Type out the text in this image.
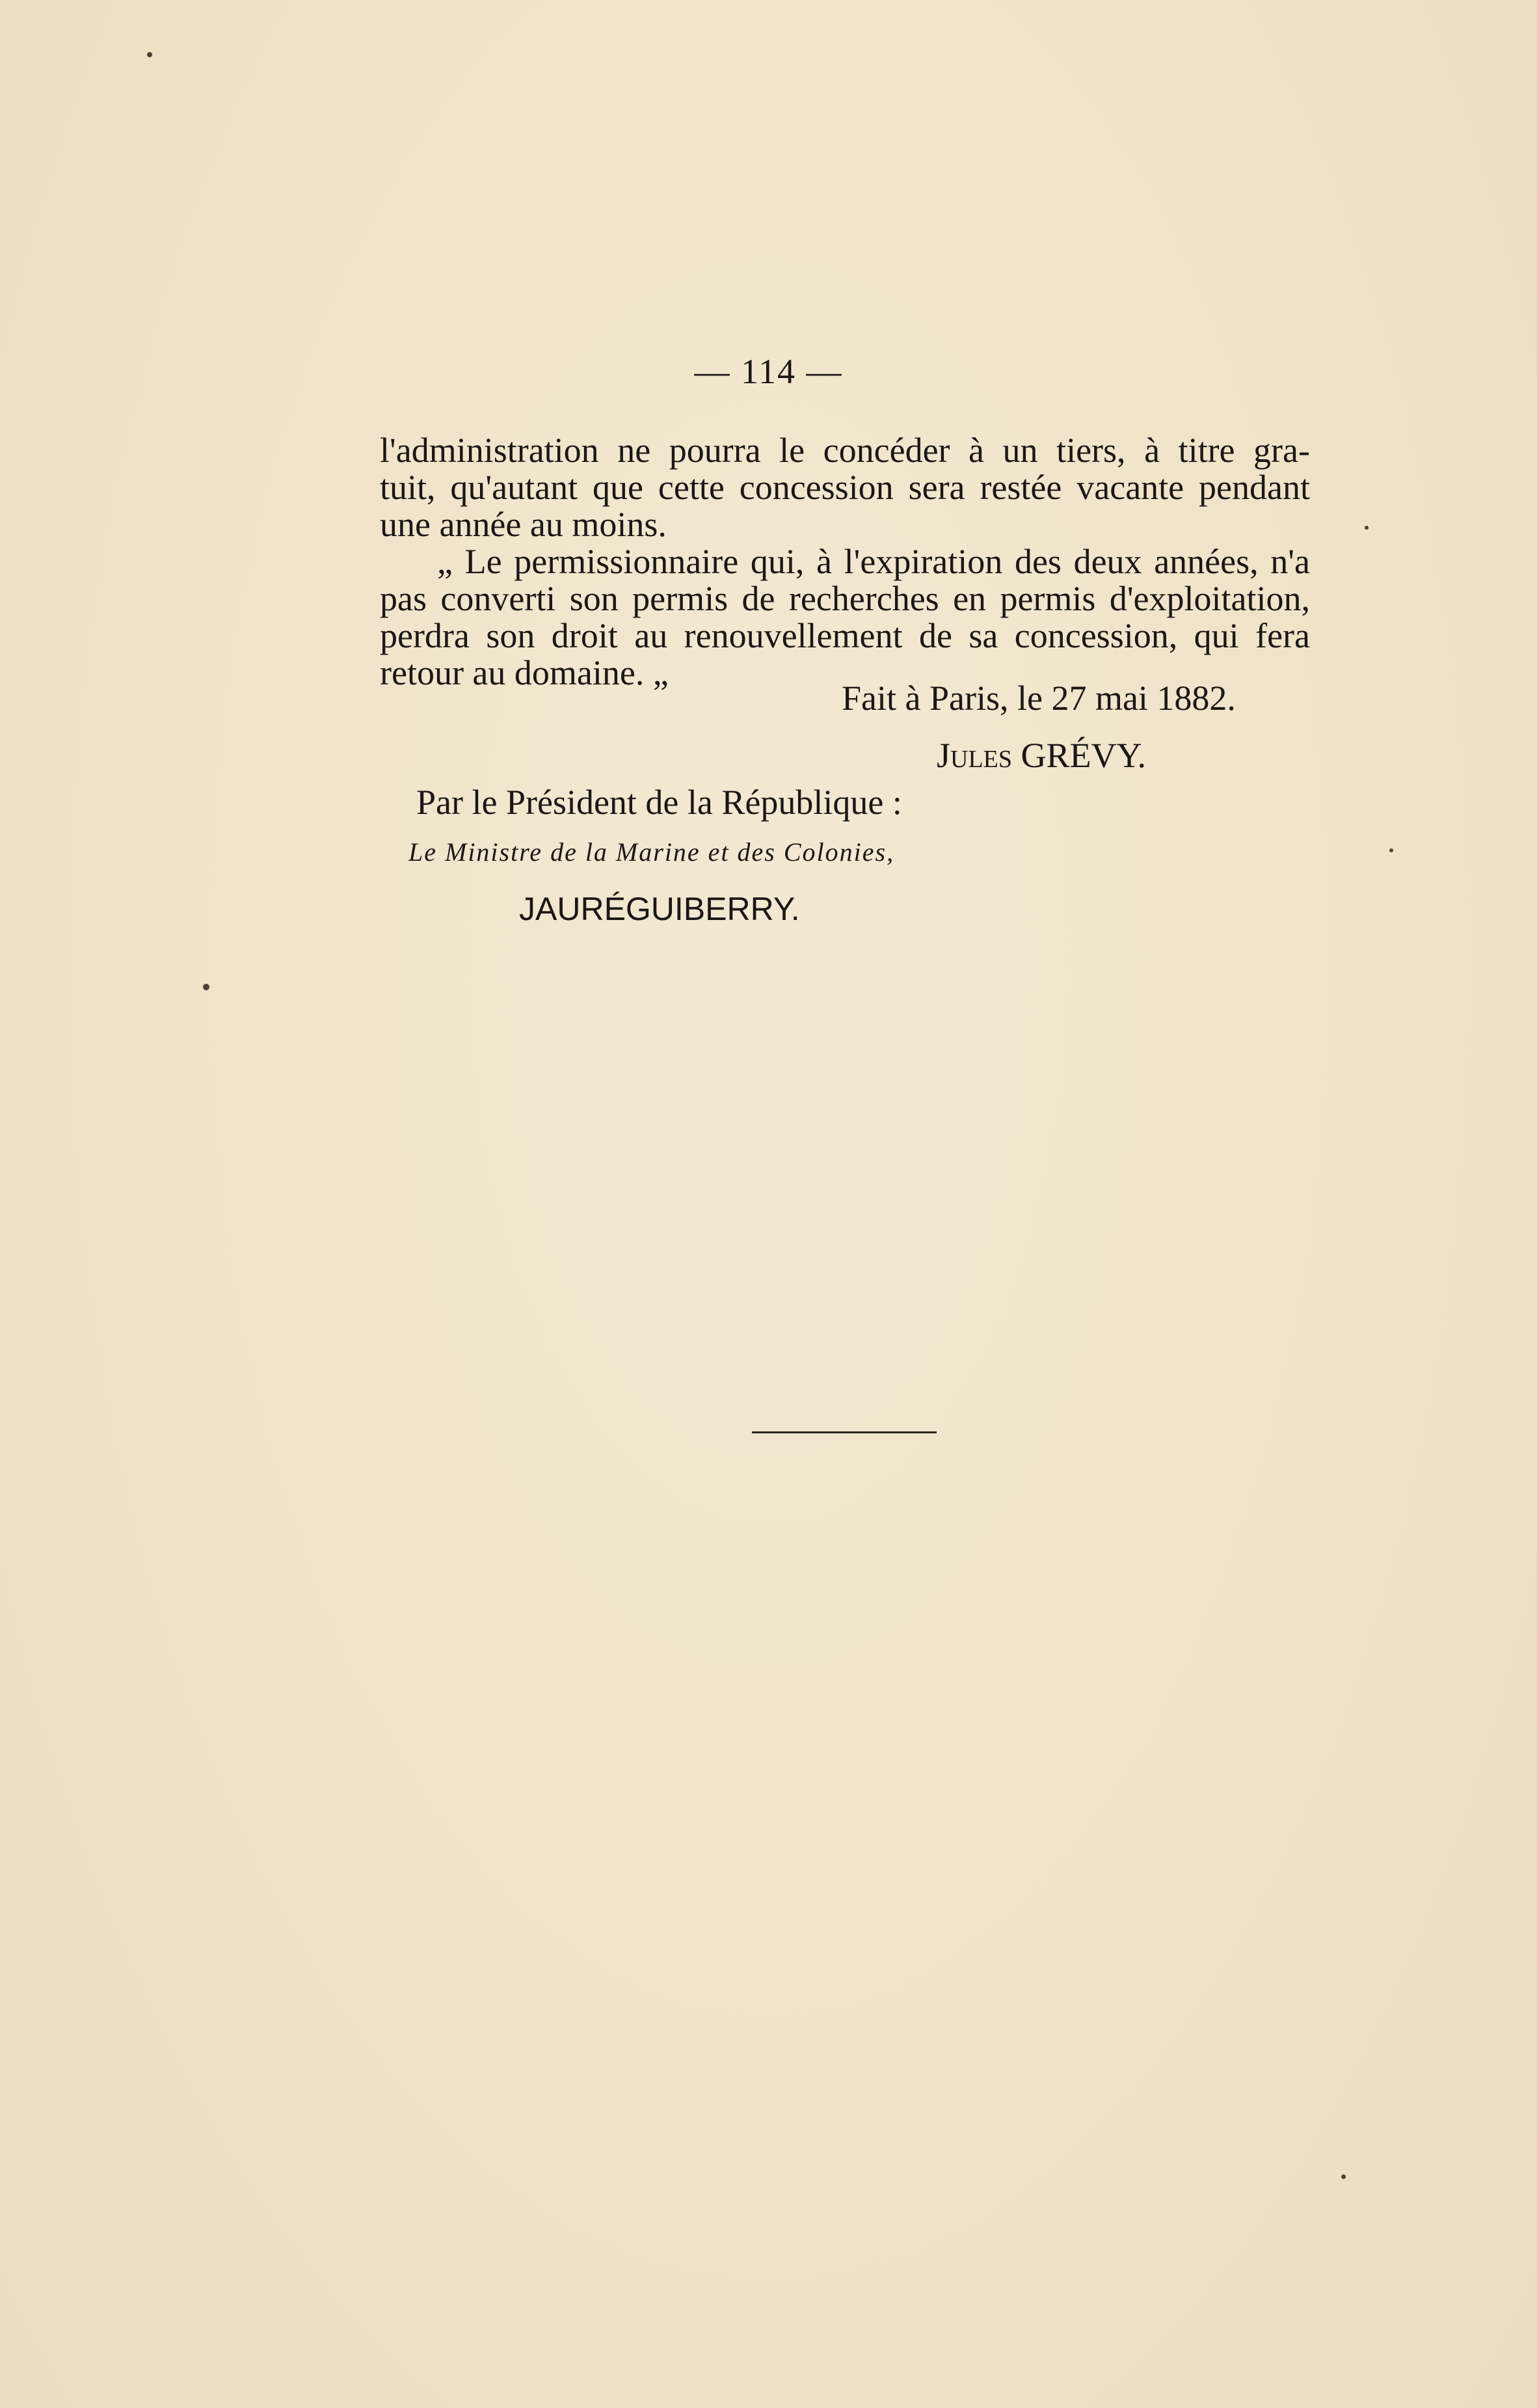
— 114 —

l'administration ne pourra le concéder à un tiers, à titre gra-
tuit, qu'autant que cette concession sera restée vacante pendant
une année au moins.

„ Le permissionnaire qui, à l'expiration des deux années, n'a
pas converti son permis de recherches en permis d'exploitation,
perdra son droit au renouvellement de sa concession, qui fera
retour au domaine. „

Fait à Paris, le 27 mai 1882.
Jules GRÉVY.
Par le Président de la République :
Le Ministre de la Marine et des Colonies,
JAURÉGUIBERRY.
